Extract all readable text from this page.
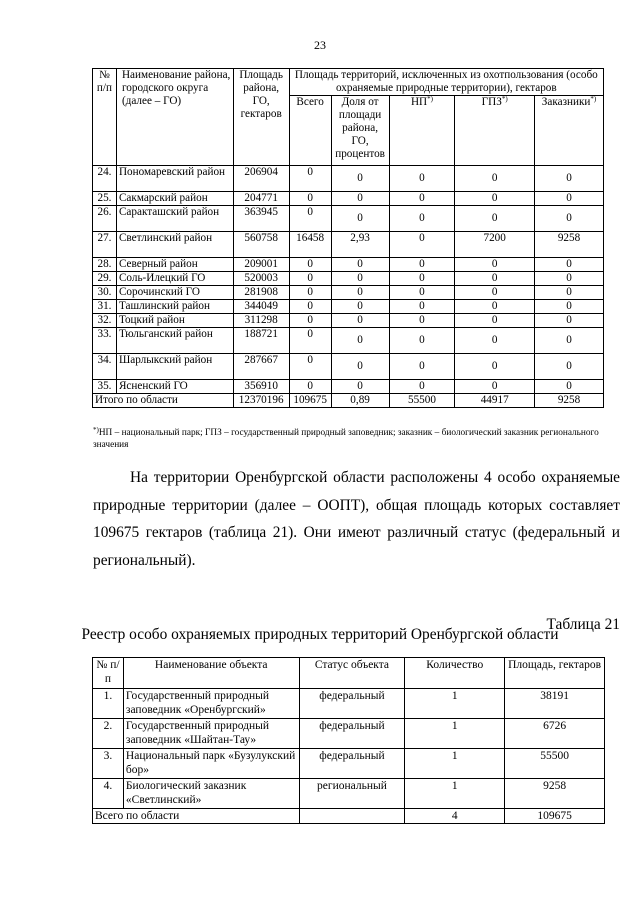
23
№ п/п	Наименование района, городского округа (далее – ГО)	Площадь района, ГО, гектаров	Площадь территорий, исключенных из охотпользования (особо охраняемые природные территории), гектаров				
			Всего	Доля от площади района, ГО, процентов	НП*)	ГПЗ*)	Заказники*)
24.	Пономаревский район	206904	0	0	0	0	0
25.	Сакмарский район	204771	0	0	0	0	0
26.	Саракташский район	363945	0	0	0	0	0
27.	Светлинский район	560758	16458	2,93	0	7200	9258
28.	Северный район	209001	0	0	0	0	0
29.	Соль-Илецкий ГО	520003	0	0	0	0	0
30.	Сорочинский ГО	281908	0	0	0	0	0
31.	Ташлинский район	344049	0	0	0	0	0
32.	Тоцкий район	311298	0	0	0	0	0
33.	Тюльганский район	188721	0	0	0	0	0
34.	Шарлыкский район	287667	0	0	0	0	0
35.	Ясненский ГО	356910	0	0	0	0	0
Итого по области		12370196	109675	0,89	55500	44917	9258
*)НП – национальный парк; ГПЗ – государственный природный заповедник; заказник – биологический заказник регионального значения

На территории Оренбургской области расположены 4 особо охраняемые природные территории (далее – ООПТ), общая площадь которых составляет 109675 гектаров (таблица 21). Они имеют различный статус (федеральный и региональный).

Таблица 21
Реестр особо охраняемых природных территорий Оренбургской области
№ п/п	Наименование объекта	Статус объекта	Количество	Площадь, гектаров
1.	Государственный природный заповедник «Оренбургский»	федеральный	1	38191
2.	Государственный природный заповедник «Шайтан-Тау»	федеральный	1	6726
3.	Национальный парк «Бузулукский бор»	федеральный	1	55500
4.	Биологический заказник «Светлинский»	региональный	1	9258
Всего по области			4	109675
